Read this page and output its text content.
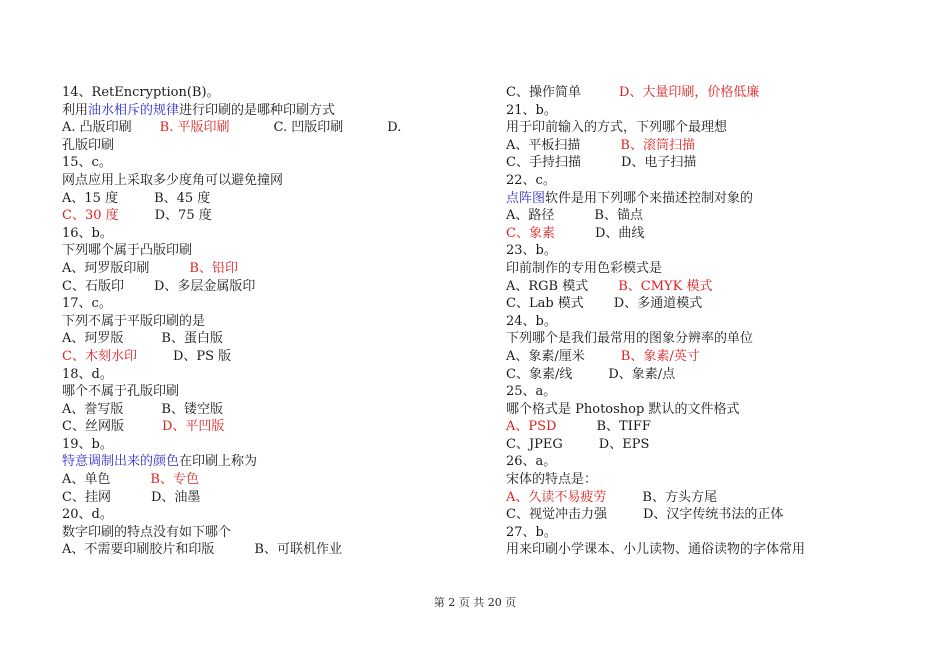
14、RetEncryption(B)。
利用油水相斥的规律进行印刷的是哪种印刷方式
A. 凸版印刷 B. 平版印刷	C. 凹版印刷	D.
孔版印刷
15、c。
网点应用上采取多少度角可以避免撞网
A、15 度	B、45 度
C、30 度	D、75 度
16、b。
下列哪个属于凸版印刷
A、珂罗版印刷	B、铅印
C、石版印 D、多层金属版印
17、c。
下列不属于平版印刷的是
A、珂罗版	B、蛋白版
C、木刻水印	D、PS 版
18、d。
哪个不属于孔版印刷
A、誊写版	B、镂空版
C、丝网版	D、平凹版
19、b。
特意调制出来的颜色在印刷上称为
A、单色	B、专色
C、挂网	D、油墨
20、d。
数字印刷的特点没有如下哪个
A、不需要印刷胶片和印版	B、可联机作业
C、操作简单	D、大量印刷，价格低廉
21、b。
用于印前输入的方式，下列哪个最理想
A、平板扫描	B、滚筒扫描
C、手持扫描	D、电子扫描
22、c。
点阵图软件是用下列哪个来描述控制对象的
A、路径	B、锚点
C、象素	D、曲线
23、b。
印前制作的专用色彩模式是
A、RGB 模式 B、CMYK 模式
C、Lab 模式 D、多通道模式
24、b。
下列哪个是我们最常用的图象分辨率的单位
A、象素/厘米	B、象素/英寸
C、象素/线	D、象素/点
25、a。
哪个格式是 Photoshop 默认的文件格式
A、PSD	B、TIFF
C、JPEG	D、EPS
26、a。
宋体的特点是：
A、久读不易疲劳	B、方头方尾
C、视觉冲击力强	D、汉字传统书法的正体
27、b。
用来印刷小学课本、小儿读物、通俗读物的字体常用
第 2 页 共 20 页
